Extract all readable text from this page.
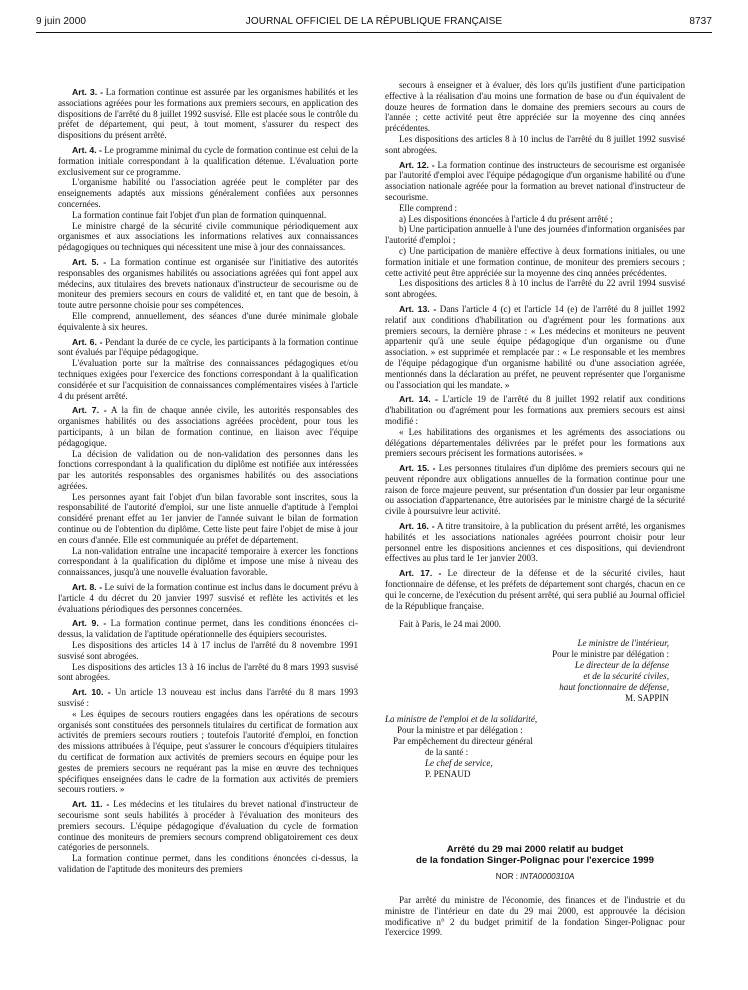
9 juin 2000	JOURNAL OFFICIEL DE LA RÉPUBLIQUE FRANÇAISE	8737

Art. 3. - La formation continue est assurée par les organismes habilités et les associations agréées pour les formations aux premiers secours, en application des dispositions de l'arrêté du 8 juillet 1992 susvisé. Elle est placée sous le contrôle du préfet de département, qui peut, à tout moment, s'assurer du respect des dispositions du présent arrêté.

Art. 4. - Le programme minimal du cycle de formation continue est celui de la formation initiale correspondant à la qualification détenue. L'évaluation porte exclusivement sur ce programme.

L'organisme habilité ou l'association agréée peut le compléter par des enseignements adaptés aux missions généralement confiées aux personnes concernées.

La formation continue fait l'objet d'un plan de formation quinquennal.

Le ministre chargé de la sécurité civile communique périodiquement aux organismes et aux associations les informations relatives aux connaissances pédagogiques ou techniques qui nécessitent une mise à jour des connaissances.

Art. 5. - La formation continue est organisée sur l'initiative des autorités responsables des organismes habilités ou associations agréées qui font appel aux médecins, aux titulaires des brevets nationaux d'instructeur de secourisme ou de moniteur des premiers secours en cours de validité et, en tant que de besoin, à toute autre personne choisie pour ses compétences.

Elle comprend, annuellement, des séances d'une durée minimale globale équivalente à six heures.

Art. 6. - Pendant la durée de ce cycle, les participants à la formation continue sont évalués par l'équipe pédagogique.

L'évaluation porte sur la maîtrise des connaissances pédagogiques et/ou techniques exigées pour l'exercice des fonctions correspondant à la qualification considérée et sur l'acquisition de connaissances complémentaires visées à l'article 4 du présent arrêté.

Art. 7. - A la fin de chaque année civile, les autorités responsables des organismes habilités ou des associations agréées procèdent, pour tous les participants, à un bilan de formation continue, en liaison avec l'équipe pédagogique.

La décision de validation ou de non-validation des personnes dans les fonctions correspondant à la qualification du diplôme est notifiée aux intéressées par les autorités responsables des organismes habilités ou des associations agréées.

Les personnes ayant fait l'objet d'un bilan favorable sont inscrites, sous la responsabilité de l'autorité d'emploi, sur une liste annuelle d'aptitude à l'emploi considéré prenant effet au 1er janvier de l'année suivant le bilan de formation continue ou de l'obtention du diplôme. Cette liste peut faire l'objet de mise à jour en cours d'année. Elle est communiquée au préfet de département.

La non-validation entraîne une incapacité temporaire à exercer les fonctions correspondant à la qualification du diplôme et impose une mise à niveau des connaissances, jusqu'à une nouvelle évaluation favorable.

Art. 8. - Le suivi de la formation continue est inclus dans le document prévu à l'article 4 du décret du 20 janvier 1997 susvisé et reflète les activités et les évaluations périodiques des personnes concernées.

Art. 9. - La formation continue permet, dans les conditions énoncées ci-dessus, la validation de l'aptitude opérationnelle des équipiers secouristes.

Les dispositions des articles 14 à 17 inclus de l'arrêté du 8 novembre 1991 susvisé sont abrogées.

Les dispositions des articles 13 à 16 inclus de l'arrêté du 8 mars 1993 susvisé sont abrogées.

Art. 10. - Un article 13 nouveau est inclus dans l'arrêté du 8 mars 1993 susvisé :

« Les équipes de secours routiers engagées dans les opérations de secours organisés sont constituées des personnels titulaires du certificat de formation aux activités de premiers secours routiers ; toutefois l'autorité d'emploi, en fonction des missions attribuées à l'équipe, peut s'assurer le concours d'équipiers titulaires du certificat de formation aux activités de premiers secours en équipe pour les gestes de premiers secours ne requérant pas la mise en œuvre des techniques spécifiques enseignées dans le cadre de la formation aux activités de premiers secours routiers. »

Art. 11. - Les médecins et les titulaires du brevet national d'instructeur de secourisme sont seuls habilités à procéder à l'évaluation des moniteurs des premiers secours. L'équipe pédagogique d'évaluation du cycle de formation continue des moniteurs de premiers secours comprend obligatoirement ces deux catégories de personnels.

La formation continue permet, dans les conditions énoncées ci-dessus, la validation de l'aptitude des moniteurs des premiers

secours à enseigner et à évaluer, dès lors qu'ils justifient d'une participation effective à la réalisation d'au moins une formation de base ou d'un équivalent de douze heures de formation dans le domaine des premiers secours au cours de l'année ; cette activité peut être appréciée sur la moyenne des cinq années précédentes.

Les dispositions des articles 8 à 10 inclus de l'arrêté du 8 juillet 1992 susvisé sont abrogées.

Art. 12. - La formation continue des instructeurs de secourisme est organisée par l'autorité d'emploi avec l'équipe pédagogique d'un organisme habilité ou d'une association nationale agréée pour la formation au brevet national d'instructeur de secourisme.

Elle comprend :

a) Les dispositions énoncées à l'article 4 du présent arrêté ;

b) Une participation annuelle à l'une des journées d'information organisées par l'autorité d'emploi ;

c) Une participation de manière effective à deux formations initiales, ou une formation initiale et une formation continue, de moniteur des premiers secours ; cette activité peut être appréciée sur la moyenne des cinq années précédentes.

Les dispositions des articles 8 à 10 inclus de l'arrêté du 22 avril 1994 susvisé sont abrogées.

Art. 13. - Dans l'article 4 (c) et l'article 14 (e) de l'arrêté du 8 juillet 1992 relatif aux conditions d'habilitation ou d'agrément pour les formations aux premiers secours, la dernière phrase : « Les médecins et moniteurs ne peuvent appartenir qu'à une seule équipe pédagogique d'un organisme ou d'une association. » est supprimée et remplacée par : « Le responsable et les membres de l'équipe pédagogique d'un organisme habilité ou d'une association agréée, mentionnés dans la déclaration au préfet, ne peuvent représenter que l'organisme ou l'association qui les mandate. »

Art. 14. - L'article 19 de l'arrêté du 8 juillet 1992 relatif aux conditions d'habilitation ou d'agrément pour les formations aux premiers secours est ainsi modifié :

« Les habilitations des organismes et les agréments des associations ou délégations départementales délivrées par le préfet pour les formations aux premiers secours précisent les formations autorisées. »

Art. 15. - Les personnes titulaires d'un diplôme des premiers secours qui ne peuvent répondre aux obligations annuelles de la formation continue pour une raison de force majeure peuvent, sur présentation d'un dossier par leur organisme ou association d'appartenance, être autorisées par le ministre chargé de la sécurité civile à poursuivre leur activité.

Art. 16. - A titre transitoire, à la publication du présent arrêté, les organismes habilités et les associations nationales agréées pourront choisir pour leur personnel entre les dispositions anciennes et ces dispositions, qui deviendront effectives au plus tard le 1er janvier 2003.

Art. 17. - Le directeur de la défense et de la sécurité civiles, haut fonctionnaire de défense, et les préfets de département sont chargés, chacun en ce qui le concerne, de l'exécution du présent arrêté, qui sera publié au Journal officiel de la République française.

Fait à Paris, le 24 mai 2000.

Le ministre de l'intérieur,
Pour le ministre par délégation :
Le directeur de la défense
et de la sécurité civiles,
haut fonctionnaire de défense,
M. SAPPIN
La ministre de l'emploi et de la solidarité,
Pour la ministre et par délégation :
Par empêchement du directeur général
de la santé :
Le chef de service,
P. PENAUD
Arrêté du 29 mai 2000 relatif au budget
de la fondation Singer-Polignac pour l'exercice 1999
NOR : INTA0000310A

Par arrêté du ministre de l'économie, des finances et de l'industrie et du ministre de l'intérieur en date du 29 mai 2000, est approuvée la décision modificative n° 2 du budget primitif de la fondation Singer-Polignac pour l'exercice 1999.
